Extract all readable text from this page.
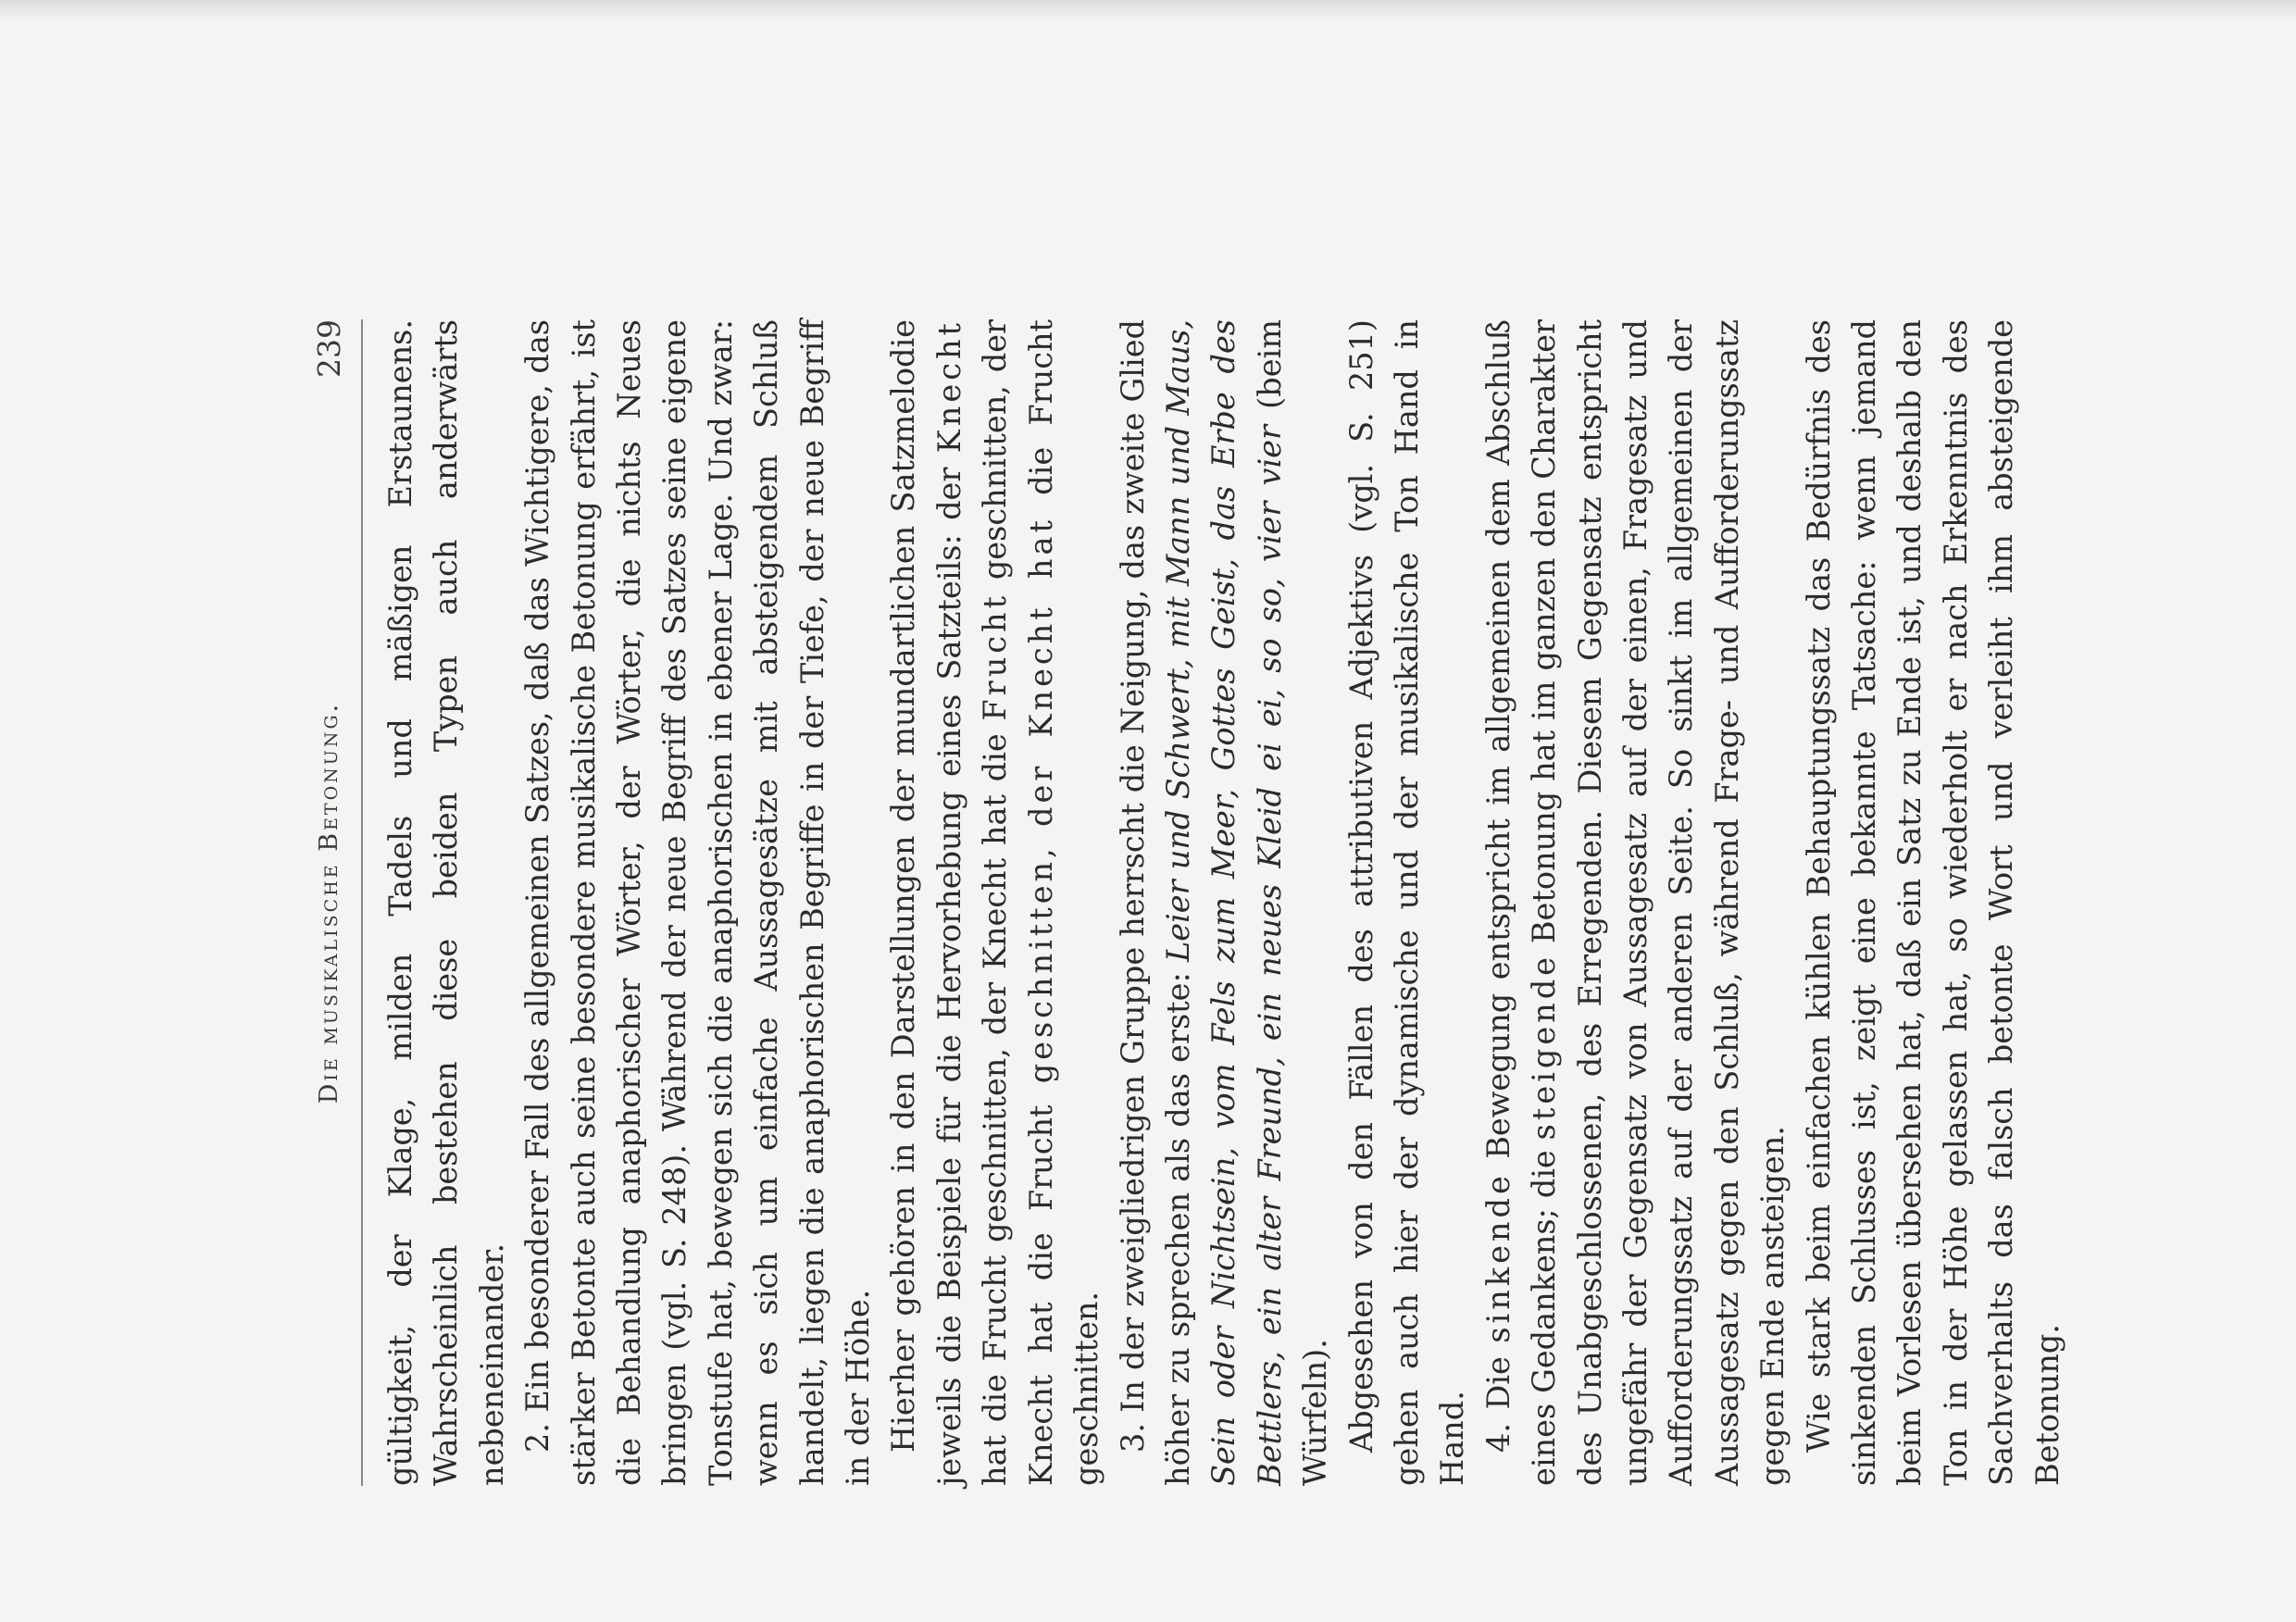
Die musikalische Betonung.
239 gültigkeit, der Klage, milden Tadels und mäßigen Erstaunens. Wahrscheinlich bestehen diese beiden Typen auch anderwärts nebeneinander. 2. Ein besonderer Fall des allgemeinen Satzes, daß das Wichtigere, das stärker Betonte auch seine besondere musikalische Betonung erfährt, ist die Behandlung anaphorischer Wörter, der Wörter, die nichts Neues bringen (vgl. S. 248). Während der neue Begriff des Satzes seine eigene Tonstufe hat, bewegen sich die anaphorischen in ebener Lage. Und zwar: wenn es sich um einfache Aussagesätze mit absteigendem Schluß handelt, liegen die anaphorischen Begriffe in der Tiefe, der neue Begriff in der Höhe. Hierher gehören in den Darstellungen der mundartlichen Satzmelodie jeweils die Beispiele für die Hervorhebung eines Satzteils: der Knecht hat die Frucht geschnitten, der Knecht hat die Frucht geschnitten, der Knecht hat die Frucht geschnitten, der Knecht hat die Frucht geschnitten. 3. In der zweigliedrigen Gruppe herrscht die Neigung, das zweite Glied höher zu sprechen als das erste: Leier und Schwert, mit Mann und Maus, Sein oder Nichtsein, vom Fels zum Meer, Gottes Geist, das Erbe des Bettlers, ein alter Freund, ein neues Kleid ei ei, so so, vier vier (beim Würfeln). Abgesehen von den Fällen des attributiven Adjektivs (vgl. S. 251) gehen auch hier der dynamische und der musikalische Ton Hand in Hand. 4. Die sinkende Bewegung entspricht im allgemeinen dem Abschluß eines Gedankens; die steigende Betonung hat im ganzen den Charakter des Unabgeschlossenen, des Erregenden. Diesem Gegensatz entspricht ungefähr der Gegensatz von Aussagesatz auf der einen, Fragesatz und Aufforderungssatz auf der anderen Seite. So sinkt im allgemeinen der Aussagesatz gegen den Schluß, während Frage- und Aufforderungssatz gegen Ende ansteigen. Wie stark beim einfachen kühlen Behauptungssatz das Bedürfnis des sinkenden Schlusses ist, zeigt eine bekannte Tatsache: wenn jemand beim Vorlesen übersehen hat, daß ein Satz zu Ende ist, und deshalb den Ton in der Höhe gelassen hat, so wiederholt er nach Erkenntnis des Sachverhalts das falsch betonte Wort und verleiht ihm absteigende Betonung.
